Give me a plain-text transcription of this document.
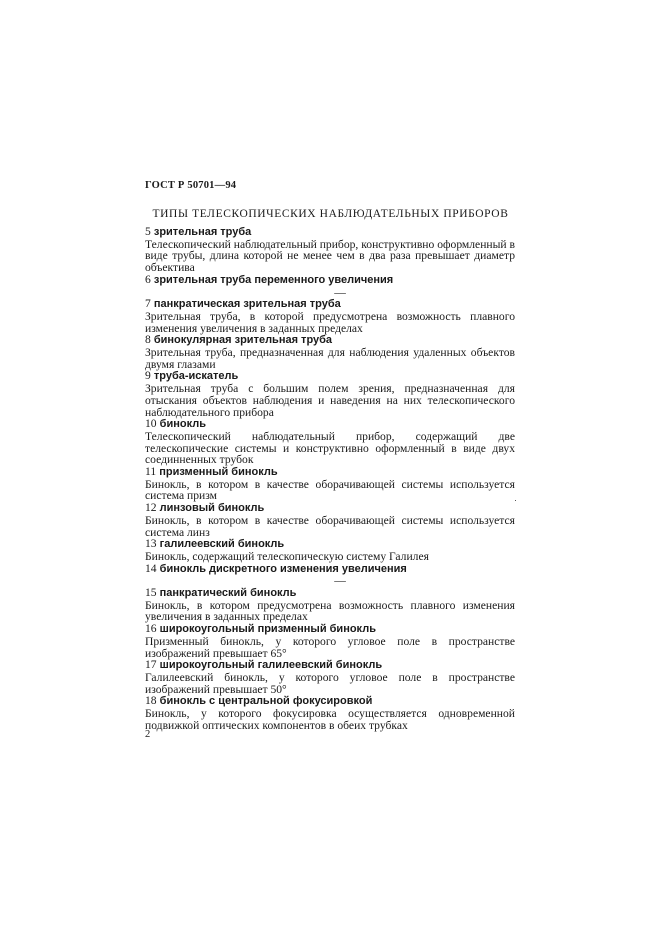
ГОСТ Р 50701—94
ТИПЫ ТЕЛЕСКОПИЧЕСКИХ НАБЛЮДАТЕЛЬНЫХ ПРИБОРОВ
5 зрительная труба
Телескопический наблюдательный прибор, конструктивно оформленный в виде трубы, длина которой не менее чем в два раза превышает диаметр объектива
6 зрительная труба переменного увеличения
—
7 панкратическая зрительная труба
Зрительная труба, в которой предусмотрена возможность плавного изменения увеличения в заданных пределах
8 бинокулярная зрительная труба
Зрительная труба, предназначенная для наблюдения удаленных объектов двумя глазами
9 труба-искатель
Зрительная труба с большим полем зрения, предназначенная для отыскания объектов наблюдения и наведения на них телескопического наблюдательного прибора
10 бинокль
Телескопический наблюдательный прибор, содержащий две телескопические системы и конструктивно оформленный в виде двух соединненных трубок
11 призменный бинокль
Бинокль, в котором в качестве оборачивающей системы используется система призм
12 линзовый бинокль
Бинокль, в котором в качестве оборачивающей системы используется система линз
13 галилеевский бинокль
Бинокль, содержащий телескопическую систему Галилея
14 бинокль дискретного изменения увеличения
—
15 панкратический бинокль
Бинокль, в котором предусмотрена возможность плавного изменения увеличения в заданных пределах
16 широкоугольный призменный бинокль
Призменный бинокль, у которого угловое поле в пространстве изображений превышает 65°
17 широкоугольный галилеевский бинокль
Галилеевский бинокль, у которого угловое поле в пространстве изображений превышает 50°
18 бинокль с центральной фокусировкой
Бинокль, у которого фокусировка осуществляется одновременной подвижкой оптических компонентов в обеих трубках
2
